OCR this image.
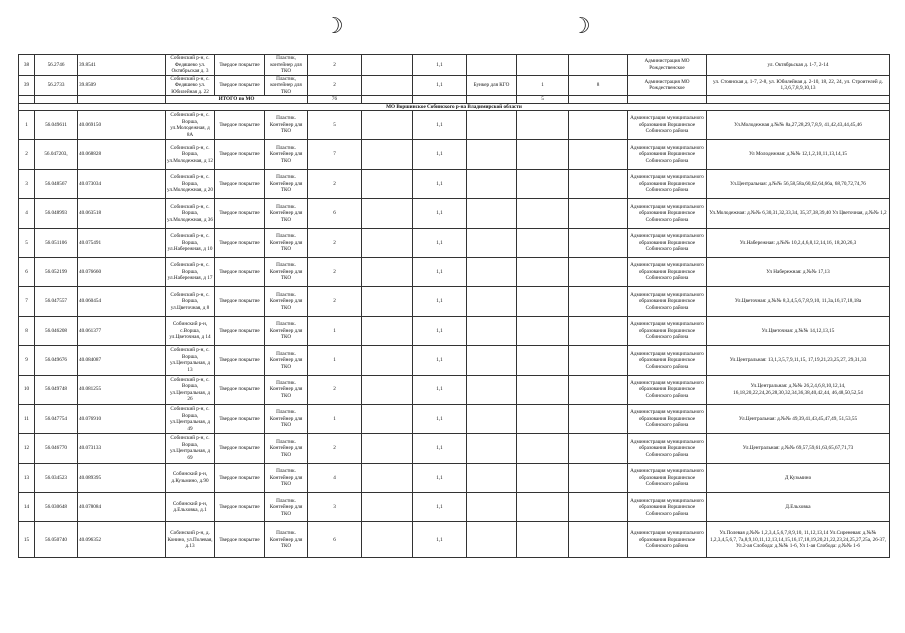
☽	☽
38	56.2746	39.8541	Собинский р-н, с. Федяшево ул. Октябрьская д. 3	Твердое покрытие	Пластик, контейнер для ТКО	2		1,1				Администрация МО Рождественское	ул. Октябрьская д. 1-7, 2-14
39	56.2733	39.8509	Собинский р-н, с. Федяшево ул. Юбилейная д. 22	Твердое покрытие	Пластик, контейнер для ТКО	2		1,1	Бункер для КГО	1	8	Администрация МО Рождественское	ул. Стоянская д. 1-7, 2-8, ул. Юбилейная д. 2-10, 18, 22, 24, ул. Строителей д. 1,3,6,7,8,9,10,13
			ИТОГО по МО			76				5			
МО Воршинское Собинского р-на Владимирской области													
1	56.049611	40.069150	Собинский р-н, с. Ворша, ул.Молодежная, д 8А	Твердое покрытие	Пластик. Контейнер для ТКО	5		1,1				Администрация муниципального образования Воршинское Собинского района	Ул.Молодежная д.№№ 8а,27,28,29,7,8,9, 41,42,43,44,45,46
2	56.047203,	40.068828	Собинский р-н, с. Ворша, ул.Молодежная, д 12	Твердое покрытие	Пластик. Контейнер для ТКО	7		1,1				Администрация муниципального образования Воршинское Собинского района	Ул Молодежная: д.№№ 12,1,2,10,11,13,14,15
3	56.048567	40.073034	Собинский р-н, с. Ворша, ул.Молодежная, д 20	Твердое покрытие	Пластик. Контейнер для ТКО	2		1,1				Администрация муниципального образования Воршинское Собинского района	Ул.Центральная: д.№№ 56,58,58а,60,62,64,66а, 68,70,72,74,76
4	56.048993	40.063518	Собинский р-н, с. Ворша, ул.Молодежная, д 36	Твердое покрытие	Пластик. Контейнер для ТКО	6		1,1				Администрация муниципального образования Воршинское Собинского района	Ул.Молодежная: д.№№ 6,30,31,32,33,34, 35,37,38,39,40 Ул Цветочная, д.№№ 1,2
5	56.051106	40.075491	Собинский р-н, с. Ворша, ул.Набережная, д 10	Твердое покрытие	Пластик. Контейнер для ТКО	2		1,1				Администрация муниципального образования Воршинское Собинского района	Ул.Набережная: д.№№ 10,2,4,6,8,12,14,16, 18,20,26,3
6	56.052199	40.076660	Собинский р-н, с. Ворша, ул.Набережная, д 17	Твердое покрытие	Пластик. Контейнер для ТКО	2		1,1				Администрация муниципального образования Воршинское Собинского района	Ул Набережная: д.№№ 17,13
7	56.047557	40.060454	Собинский р-н, с. Ворша, ул.Цветочная, д 8	Твердое покрытие	Пластик. Контейнер для ТКО	2		1,1				Администрация муниципального образования Воршинское Собинского района	Ул.Цветочная: д.№№ 8,3,4,5,6,7,8,9,10, 11,3а,16,17,18,18а
8	56.046208	40.061377	Собинский р-н, с.Ворша, ул.Цветочная, д 14	Твердое покрытие	Пластик. Контейнер для ТКО	1		1,1				Администрация муниципального образования Воршинское Собинского района	Ул.Цветочная: д.№№ 14,12,13,15
9	56.049676	40.084087	Собинский р-н, с. Ворша, ул.Центральная, д 13	Твердое покрытие	Пластик. Контейнер для ТКО	1		1,1				Администрация муниципального образования Воршинское Собинского района	Ул.Центральная: 13,1,3,5,7,9,11,15, 17,19,21,23,25,27, 29,31,33
10	56.049748	40.081255	Собинский р-н, с. Ворша, ул.Центральная, д 26	Твердое покрытие	Пластик. Контейнер для ТКО	2		1,1				Администрация муниципального образования Воршинское Собинского района	Ул.Центральная: д.№№ 26,2,4,6,8,10,12,14, 16,18,20,22,24,26,28,30,32,34,36,38,40,42,44, 46,48,50,52,54
11	56.047754	40.076910	Собинский р-н, с. Ворша, ул.Центральная, д 49	Твердое покрытие	Пластик. Контейнер для ТКО	1		1,1				Администрация муниципального образования Воршинское Собинского района	Ул.Центральная: д.№№ 49,39,41,43,45,47,49, 51,53,55
12	56.046770	40.073133	Собинский р-н, с. Ворша, ул.Центральная, д 69	Твердое покрытие	Пластик. Контейнер для ТКО	2		1,1				Администрация муниципального образования Воршинское Собинского района	Ул.Центральная: д.№№ 69,57,59,61,63,65,67,71,73
13	56.034523	40.089395	Собинский р-н, д.Кузьмино, д.90	Твердое покрытие	Пластик. Контейнер для ТКО	4		1,1				Администрация муниципального образования Воршинское Собинского района	Д Кузьмино
14	56.030648	40.078084	Собинский р-н, д.Ельховка, д.1	Твердое покрытие	Пластик. Контейнер для ТКО	3		1,1				Администрация муниципального образования Воршинское Собинского района	Д.Ельховка
15	56.050740	40.096352	Собинский р-н, д. Конино, ул.Полевая, д.13	Твердое покрытие	Пластик. Контейнер для ТКО	6		1,1				Администрация муниципального образования Воршинское Собинского района	Ул.Полевая д.№№ 1,2,3,4,5,6,7,8,9,10, 11,12,13,14 Ул.Сиреневая: д.№№ 1,2,3,4,5,6,7, 7а,8,9,10,11,12,13,14,15,16,17,18,19,20,21,22,23,24,25,27,25а, 26-37, Ул.2-ая Слобода: д.№№ 1-6, Ул 1-ая Слобода: д.№№ 1-6
